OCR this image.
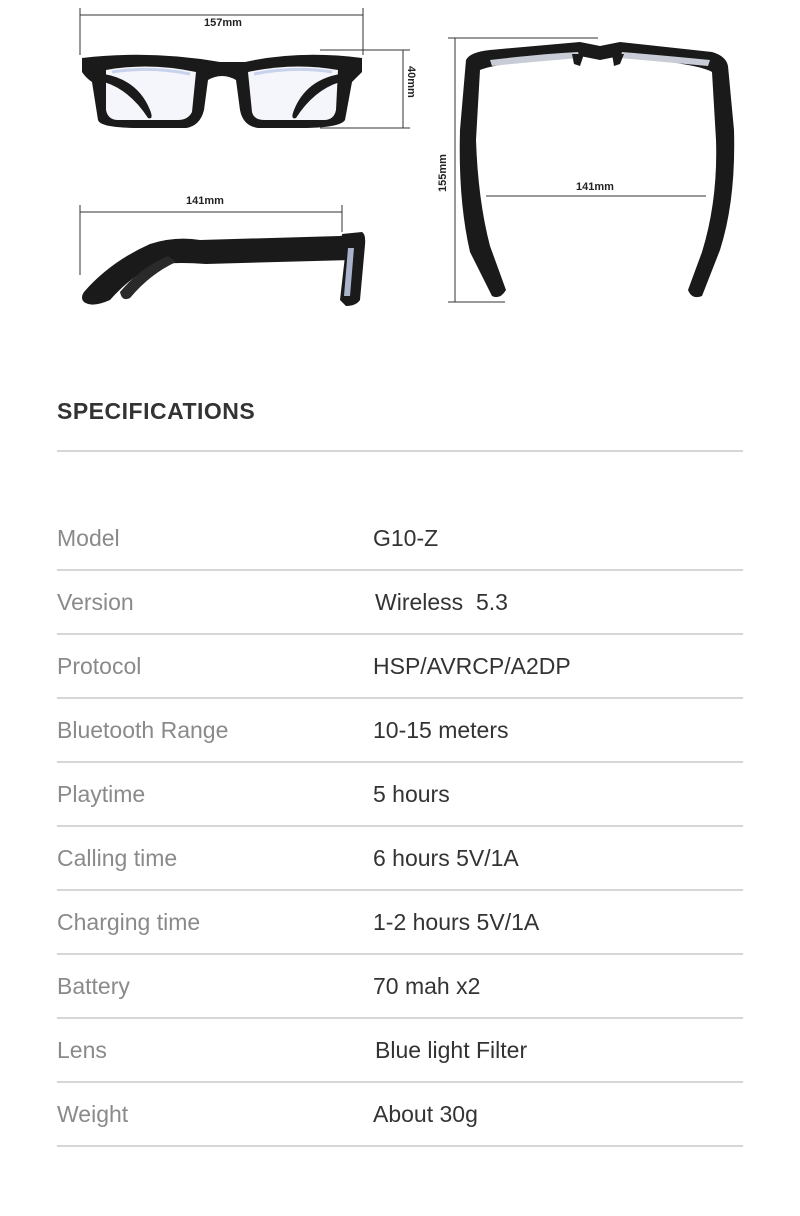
157mm
40mm
141mm
155mm	141mm
SPECIFICATIONS
Model	G10-Z
Version	Wireless  5.3
Protocol	HSP/AVRCP/A2DP
Bluetooth Range	10-15 meters
Playtime	5 hours
Calling time	6 hours 5V/1A
Charging time	1-2 hours 5V/1A
Battery	70 mah x2
Lens	Blue light Filter
Weight	About 30g
